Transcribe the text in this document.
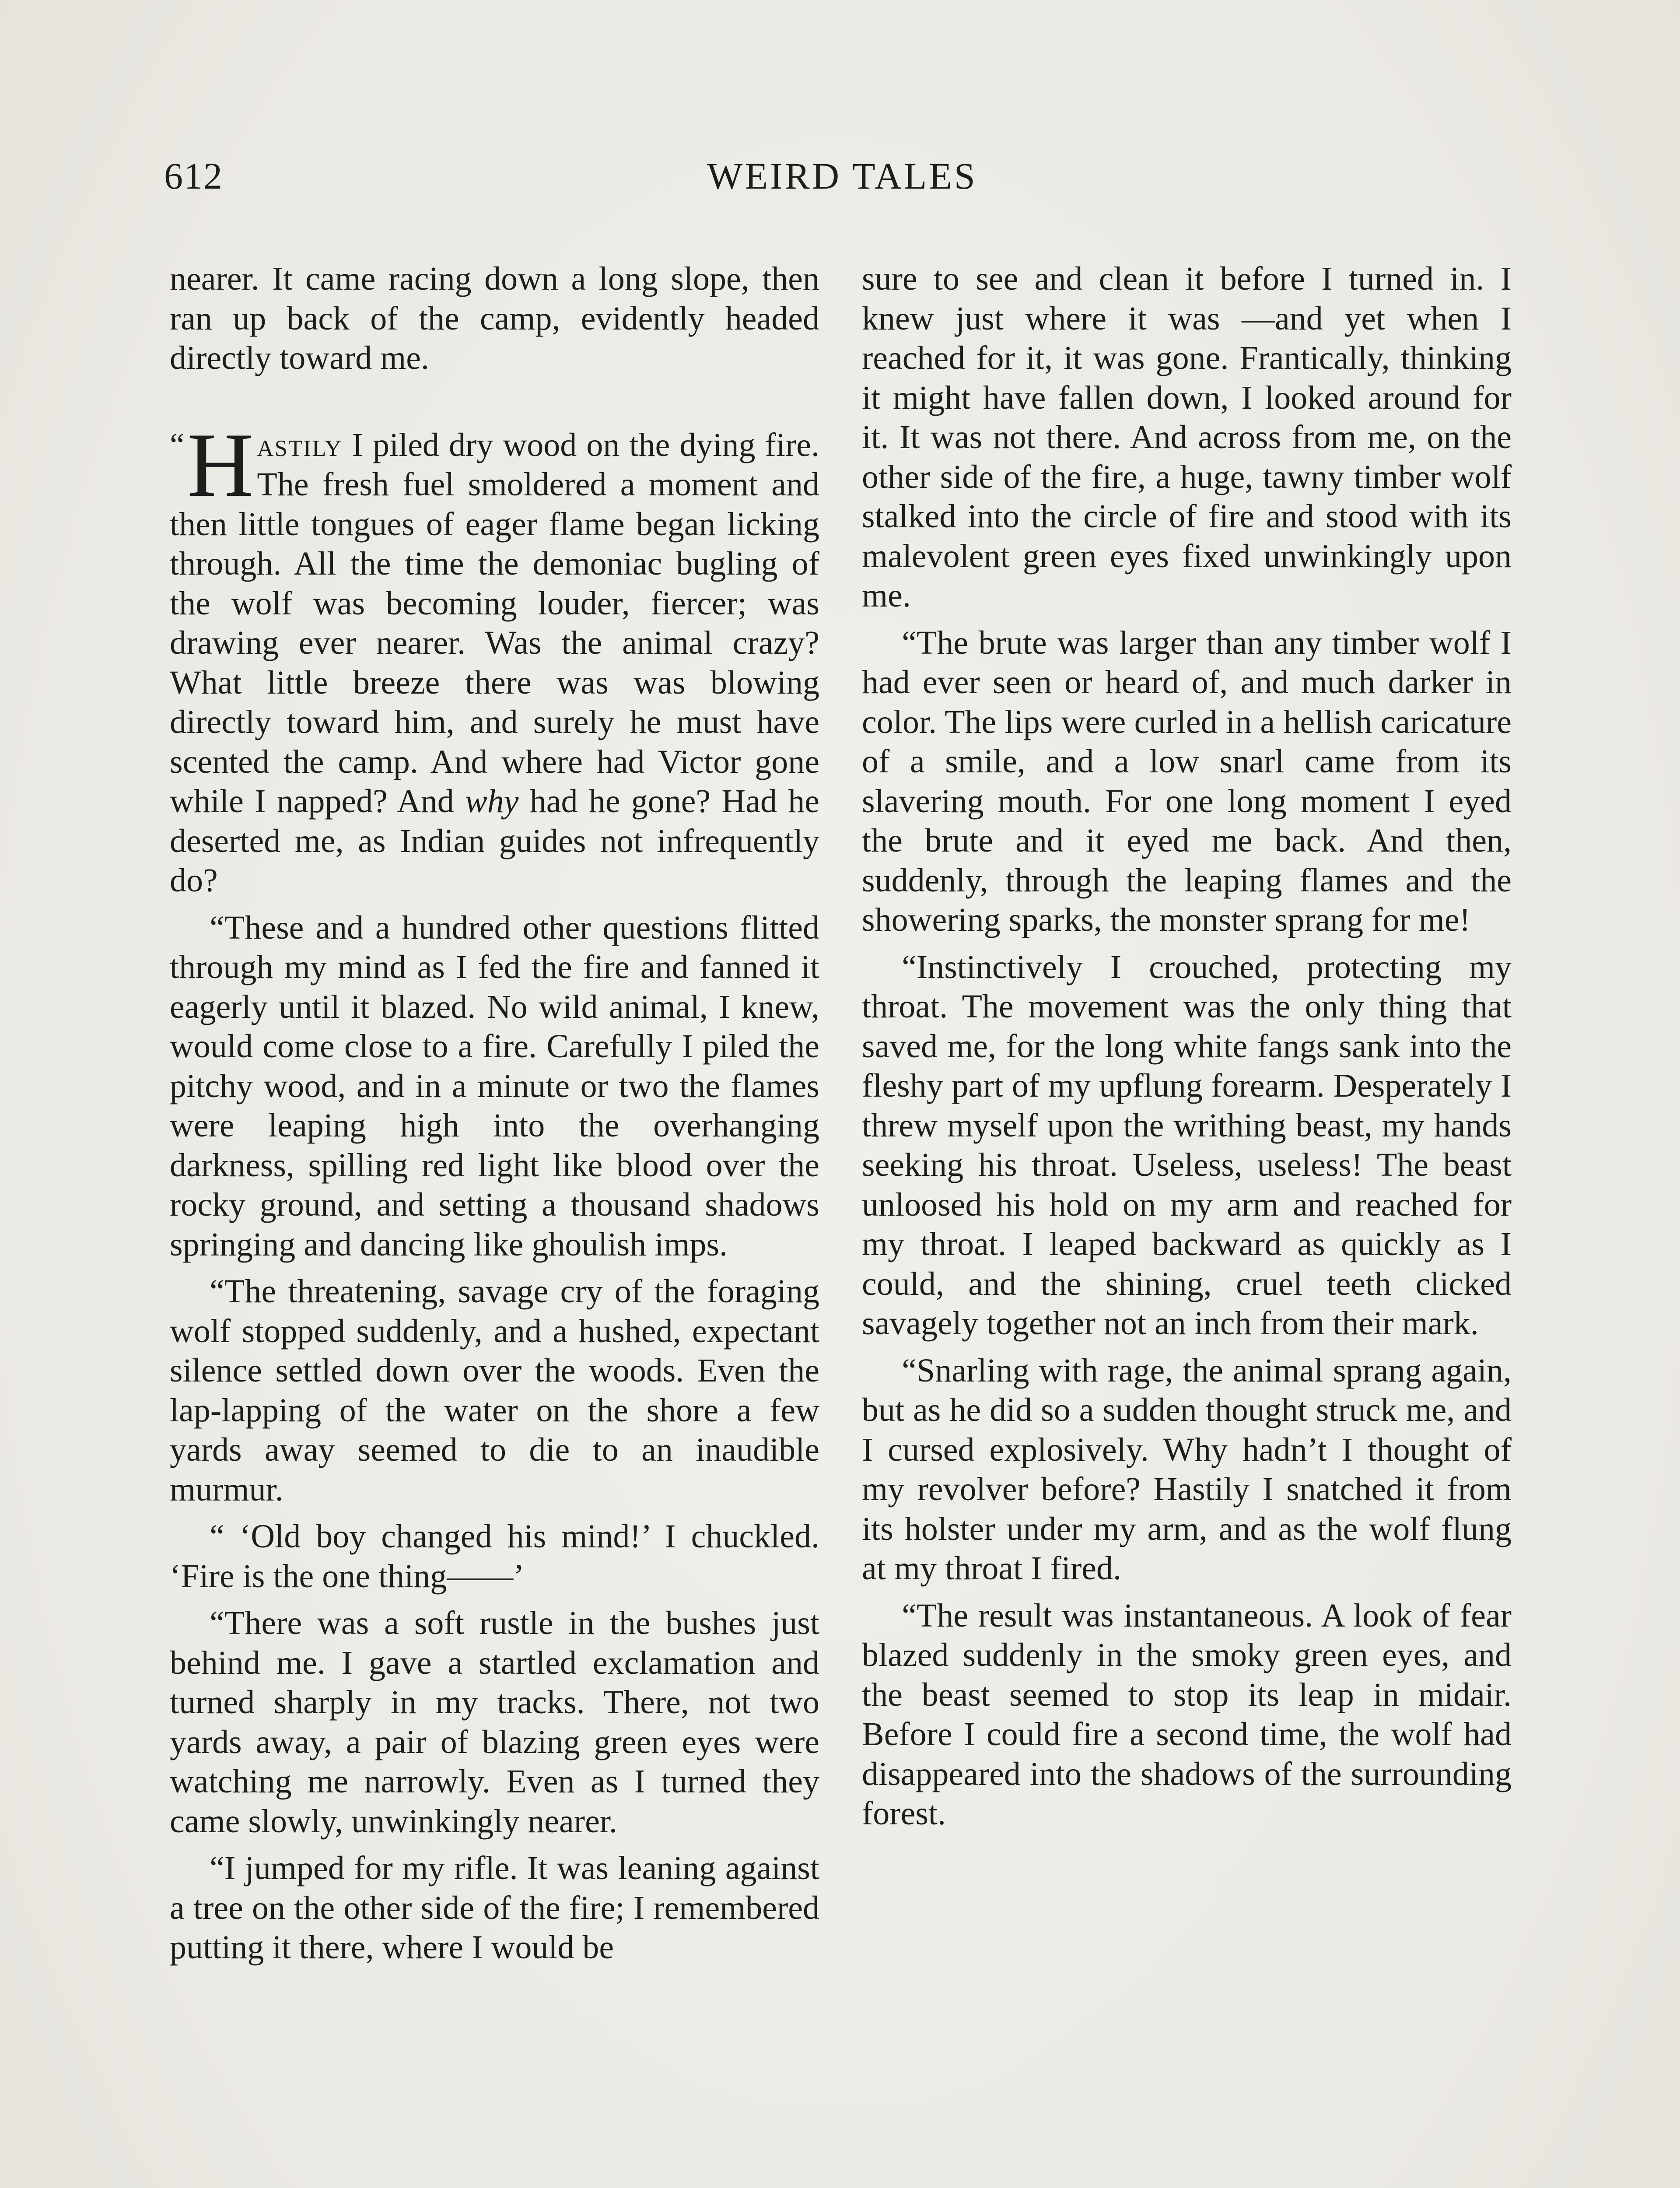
612	WEIRD TALES

nearer. It came racing down a long slope, then ran up back of the camp, evidently headed directly toward me.

“ H astily I piled dry wood on the dying fire. The fresh fuel smoldered a moment and then little tongues of eager flame began licking through. All the time the demoniac bugling of the wolf was becoming louder, fiercer; was drawing ever nearer. Was the animal crazy? What little breeze there was was blowing directly toward him, and surely he must have scented the camp. And where had Victor gone while I napped? And why had he gone? Had he deserted me, as Indian guides not infrequently do?

“These and a hundred other questions flitted through my mind as I fed the fire and fanned it eagerly until it blazed. No wild animal, I knew, would come close to a fire. Carefully I piled the pitchy wood, and in a minute or two the flames were leaping high into the overhanging darkness, spilling red light like blood over the rocky ground, and setting a thousand shadows springing and dancing like ghoulish imps.

“The threatening, savage cry of the foraging wolf stopped suddenly, and a hushed, expectant silence settled down over the woods. Even the lap-lapping of the water on the shore a few yards away seemed to die to an inaudible murmur.

“ ‘Old boy changed his mind!’ I chuckled. ‘Fire is the one thing——’

“There was a soft rustle in the bushes just behind me. I gave a startled exclamation and turned sharply in my tracks. There, not two yards away, a pair of blazing green eyes were watching me narrowly. Even as I turned they came slowly, unwinkingly nearer.

“I jumped for my rifle. It was leaning against a tree on the other side of the fire; I remembered putting it there, where I would be

sure to see and clean it before I turned in. I knew just where it was —and yet when I reached for it, it was gone. Frantically, thinking it might have fallen down, I looked around for it. It was not there. And across from me, on the other side of the fire, a huge, tawny timber wolf stalked into the circle of fire and stood with its malevolent green eyes fixed unwinkingly upon me.

“The brute was larger than any timber wolf I had ever seen or heard of, and much darker in color. The lips were curled in a hellish caricature of a smile, and a low snarl came from its slavering mouth. For one long moment I eyed the brute and it eyed me back. And then, suddenly, through the leaping flames and the showering sparks, the monster sprang for me!

“Instinctively I crouched, protecting my throat. The movement was the only thing that saved me, for the long white fangs sank into the fleshy part of my upflung forearm. Desperately I threw myself upon the writhing beast, my hands seeking his throat. Useless, useless! The beast unloosed his hold on my arm and reached for my throat. I leaped backward as quickly as I could, and the shining, cruel teeth clicked savagely together not an inch from their mark.

“Snarling with rage, the animal sprang again, but as he did so a sudden thought struck me, and I cursed explosively. Why hadn’t I thought of my revolver before? Hastily I snatched it from its holster under my arm, and as the wolf flung at my throat I fired.

“The result was instantaneous. A look of fear blazed suddenly in the smoky green eyes, and the beast seemed to stop its leap in midair. Before I could fire a second time, the wolf had disappeared into the shadows of the surrounding forest.
